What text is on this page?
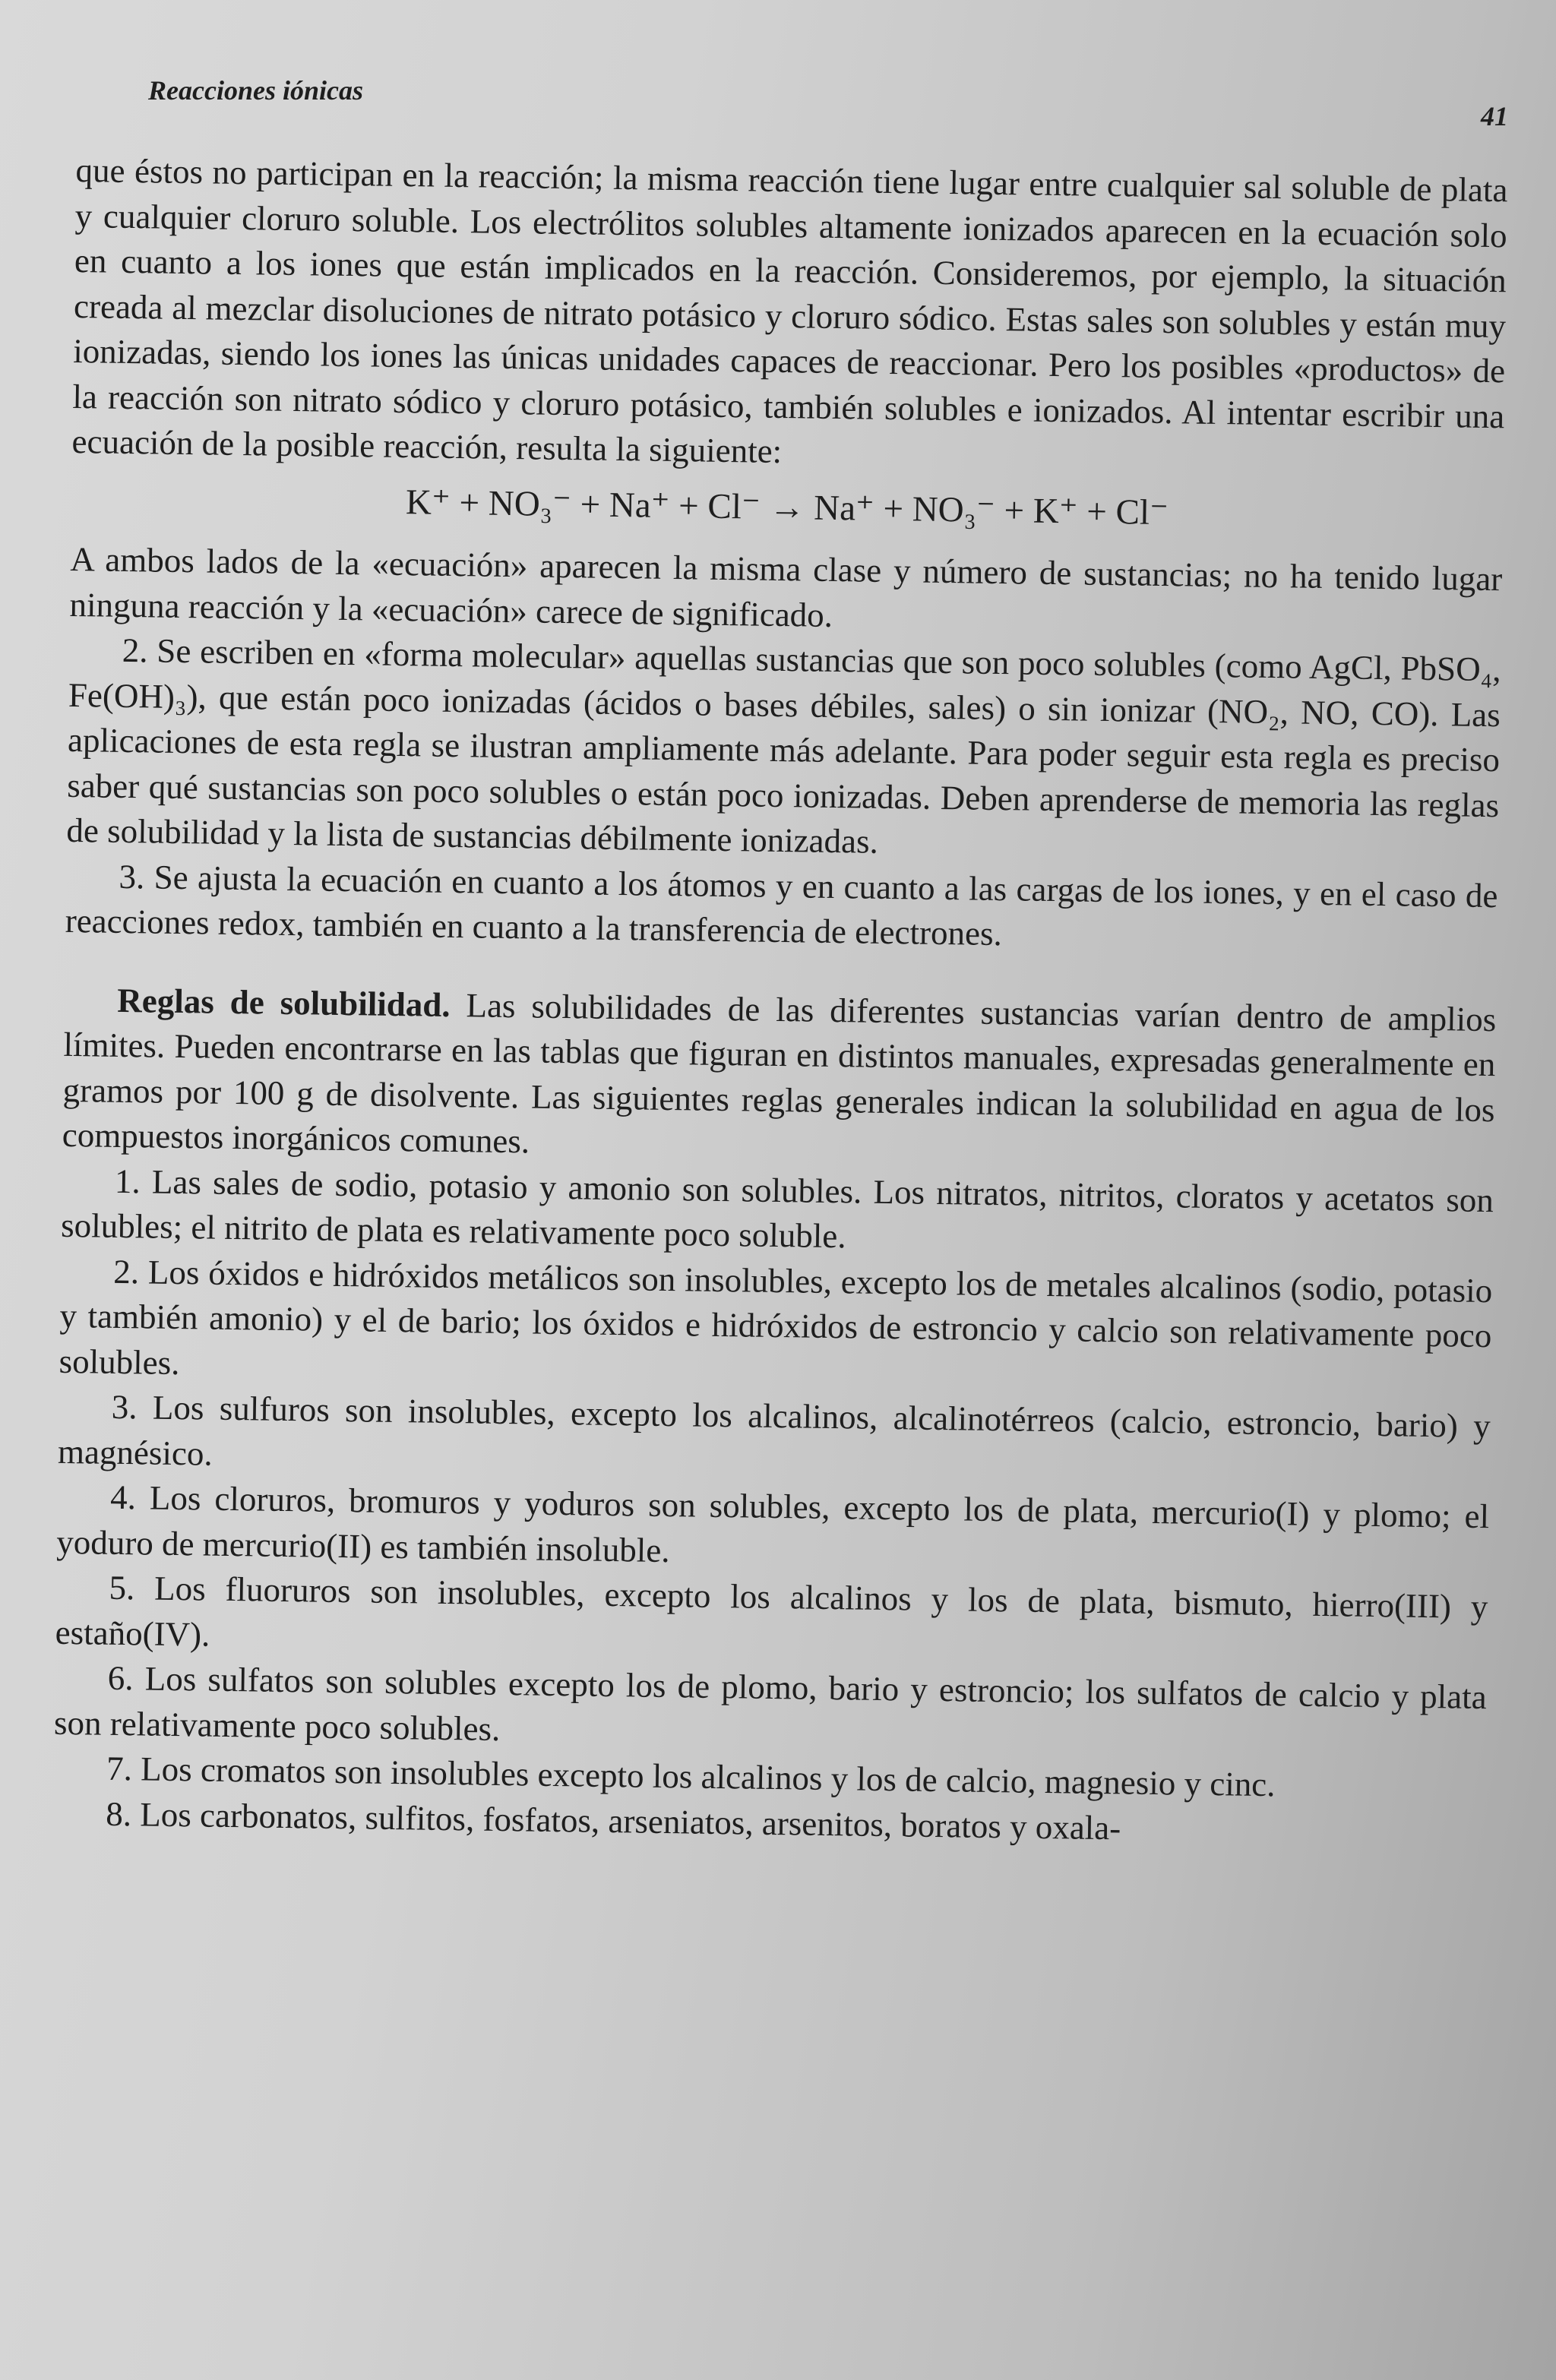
Reacciones iónicas
41

que éstos no participan en la reacción; la misma reacción tiene lugar entre cualquier sal soluble de plata y cualquier cloruro soluble. Los electrólitos solubles altamente ionizados aparecen en la ecuación solo en cuanto a los iones que están implicados en la reacción. Consideremos, por ejemplo, la situación creada al mezclar disoluciones de nitrato potásico y cloruro sódico. Estas sales son solubles y están muy ionizadas, siendo los iones las únicas unidades capaces de reaccionar. Pero los posibles «productos» de la reacción son nitrato sódico y cloruro potásico, también solubles e ionizados. Al intentar escribir una ecuación de la posible reacción, resulta la siguiente:

K⁺ + NO₃⁻ + Na⁺ + Cl⁻ → Na⁺ + NO₃⁻ + K⁺ + Cl⁻

A ambos lados de la «ecuación» aparecen la misma clase y número de sustancias; no ha tenido lugar ninguna reacción y la «ecuación» carece de significado.

2. Se escriben en «forma molecular» aquellas sustancias que son poco solubles (como AgCl, PbSO₄, Fe(OH)₃), que están poco ionizadas (ácidos o bases débiles, sales) o sin ionizar (NO₂, NO, CO). Las aplicaciones de esta regla se ilustran ampliamente más adelante. Para poder seguir esta regla es preciso saber qué sustancias son poco solubles o están poco ionizadas. Deben aprenderse de memoria las reglas de solubilidad y la lista de sustancias débilmente ionizadas.

3. Se ajusta la ecuación en cuanto a los átomos y en cuanto a las cargas de los iones, y en el caso de reacciones redox, también en cuanto a la transferencia de electrones.

Reglas de solubilidad. Las solubilidades de las diferentes sustancias varían dentro de amplios límites. Pueden encontrarse en las tablas que figuran en distintos manuales, expresadas generalmente en gramos por 100 g de disolvente. Las siguientes reglas generales indican la solubilidad en agua de los compuestos inorgánicos comunes.

1. Las sales de sodio, potasio y amonio son solubles. Los nitratos, nitritos, cloratos y acetatos son solubles; el nitrito de plata es relativamente poco soluble.

2. Los óxidos e hidróxidos metálicos son insolubles, excepto los de metales alcalinos (sodio, potasio y también amonio) y el de bario; los óxidos e hidróxidos de estroncio y calcio son relativamente poco solubles.

3. Los sulfuros son insolubles, excepto los alcalinos, alcalinotérreos (calcio, estroncio, bario) y magnésico.

4. Los cloruros, bromuros y yoduros son solubles, excepto los de plata, mercurio(I) y plomo; el yoduro de mercurio(II) es también insoluble.

5. Los fluoruros son insolubles, excepto los alcalinos y los de plata, bismuto, hierro(III) y estaño(IV).

6. Los sulfatos son solubles excepto los de plomo, bario y estroncio; los sulfatos de calcio y plata son relativamente poco solubles.

7. Los cromatos son insolubles excepto los alcalinos y los de calcio, magnesio y cinc.

8. Los carbonatos, sulfitos, fosfatos, arseniatos, arsenitos, boratos y oxala-
